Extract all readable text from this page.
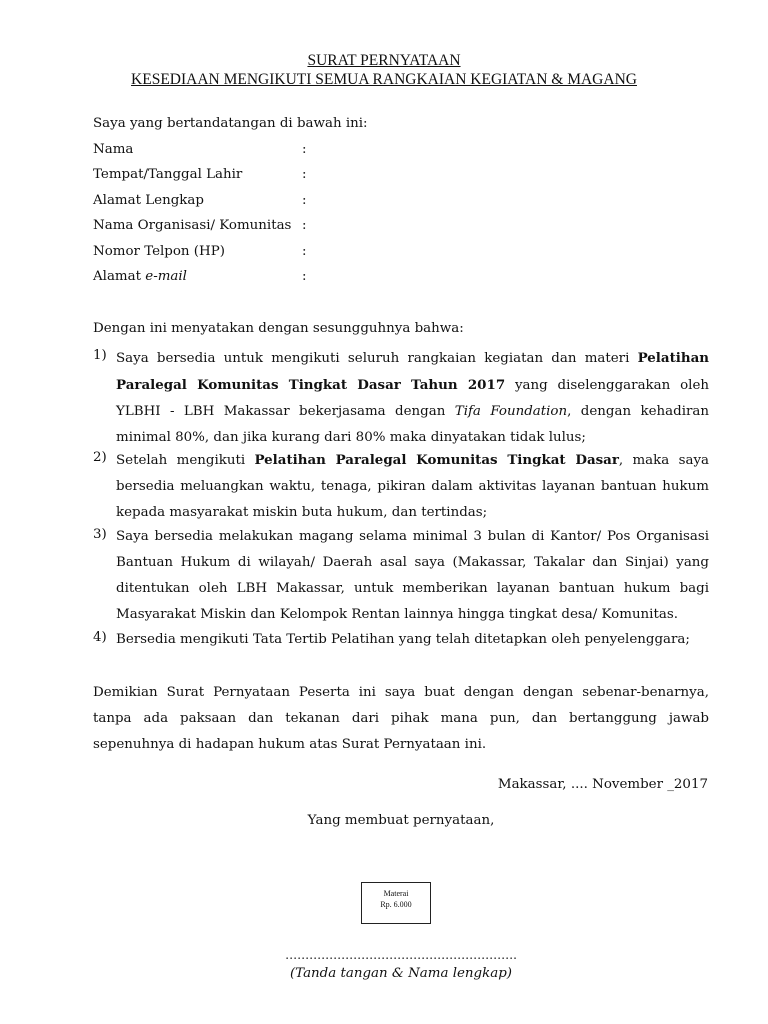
SURAT PERNYATAAN
KESEDIAAN MENGIKUTI SEMUA RANGKAIAN KEGIATAN & MAGANG
Saya yang bertandatangan di bawah ini:
Nama	:
Tempat/Tanggal Lahir	:
Alamat Lengkap	:
Nama Organisasi/ Komunitas :
Nomor Telpon (HP)	:
Alamat e-mail	:
Dengan ini menyatakan dengan sesungguhnya bahwa:
1) Saya bersedia untuk mengikuti seluruh rangkaian kegiatan dan materi Pelatihan Paralegal Komunitas Tingkat Dasar Tahun 2017 yang diselenggarakan oleh YLBHI - LBH Makassar bekerjasama dengan Tifa Foundation, dengan kehadiran minimal 80%, dan jika kurang dari 80% maka dinyatakan tidak lulus;
2) Setelah mengikuti Pelatihan Paralegal Komunitas Tingkat Dasar, maka saya bersedia meluangkan waktu, tenaga, pikiran dalam aktivitas layanan bantuan hukum kepada masyarakat miskin buta hukum, dan tertindas;
3) Saya bersedia melakukan magang selama minimal 3 bulan di Kantor/ Pos Organisasi Bantuan Hukum di wilayah/ Daerah asal saya (Makassar, Takalar dan Sinjai) yang ditentukan oleh LBH Makassar, untuk memberikan layanan bantuan hukum bagi Masyarakat Miskin dan Kelompok Rentan lainnya hingga tingkat desa/ Komunitas.
4) Bersedia mengikuti Tata Tertib Pelatihan yang telah ditetapkan oleh penyelenggara;
Demikian Surat Pernyataan Peserta ini saya buat dengan dengan sebenar-benarnya, tanpa ada paksaan dan tekanan dari pihak mana pun, dan bertanggung jawab sepenuhnya di hadapan hukum atas Surat Pernyataan ini.
Makassar, .... November _2017
Yang membuat pernyataan,
Materai
Rp. 6.000
………………………………………………….
(Tanda tangan & Nama lengkap)
